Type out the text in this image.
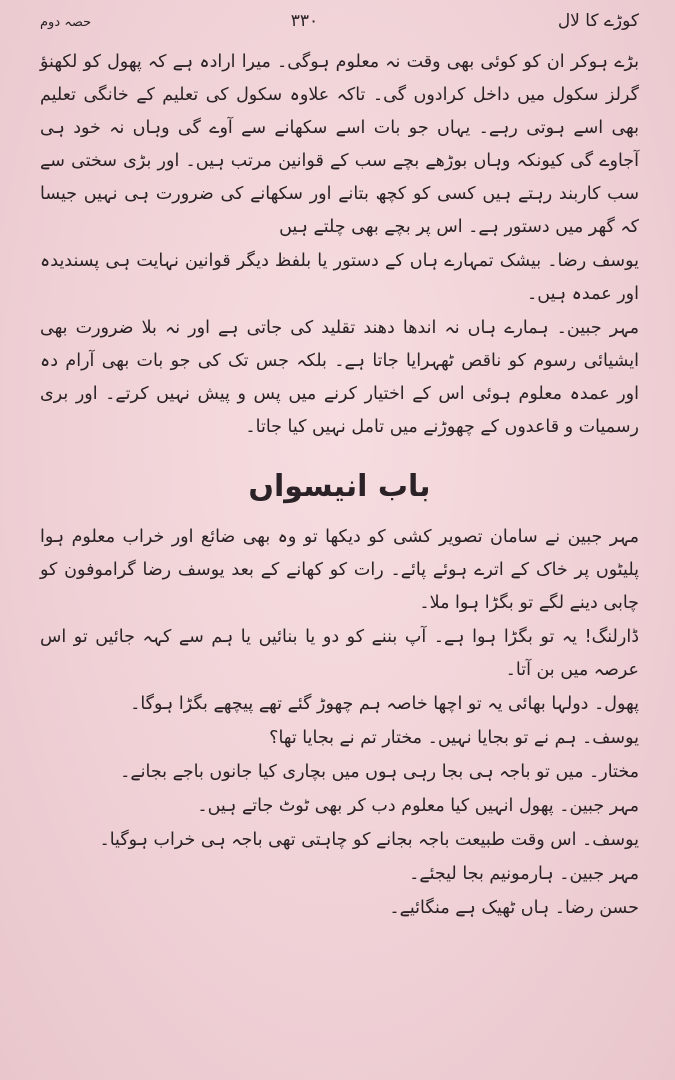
کوڑے کا لال
۳۳۰
حصہ دوم

بڑے ہوکر ان کو کوئی بھی وقت نہ معلوم ہوگی۔ میرا ارادہ ہے کہ پھول کو لکھنؤ گرلز سکول میں داخل کرادوں گی۔ تاکہ علاوہ سکول کی تعلیم کے خانگی تعلیم بھی اسے ہوتی رہے۔ یہاں جو بات اسے سکھانے سے آوے گی وہاں نہ خود ہی آجاوے گی کیونکہ وہاں بوڑھے بچے سب کے قوانین مرتب ہیں۔ اور بڑی سختی سے سب کاربند رہتے ہیں کسی کو کچھ بتانے اور سکھانے کی ضرورت ہی نہیں جیسا کہ گھر میں دستور ہے۔ اس پر بچے بھی چلتے ہیں

یوسف رضا۔ بیشک تمہارے ہاں کے دستور یا بلفظ دیگر قوانین نہایت ہی پسندیدہ اور عمدہ ہیں۔

مہر جبین۔ ہمارے ہاں نہ اندھا دھند تقلید کی جاتی ہے اور نہ بلا ضرورت بھی ایشیائی رسوم کو ناقص ٹھہرایا جاتا ہے۔ بلکہ جس تک کی جو بات بھی آرام دہ اور عمدہ معلوم ہوئی اس کے اختیار کرنے میں پس و پیش نہیں کرتے۔ اور بری رسمیات و قاعدوں کے چھوڑنے میں تامل نہیں کیا جاتا۔

باب انیسواں

مہر جبین نے سامان تصویر کشی کو دیکھا تو وہ بھی ضائع اور خراب معلوم ہوا پلیٹوں پر خاک کے اترے ہوئے پائے۔ رات کو کھانے کے بعد یوسف رضا گراموفون کو چابی دینے لگے تو بگڑا ہوا ملا۔

ڈارلنگ! یہ تو بگڑا ہوا ہے۔ آپ بننے کو دو یا بنائیں یا ہم سے کہہ جائیں تو اس عرصہ میں بن آتا۔

پھول۔ دولہا بھائی یہ تو اچھا خاصہ ہم چھوڑ گئے تھے پیچھے بگڑا ہوگا۔

یوسف۔ ہم نے تو بجایا نہیں۔ مختار تم نے بجایا تھا؟

مختار۔ میں تو باجہ ہی بجا رہی ہوں میں بچاری کیا جانوں باجے بجانے۔

مہر جبین۔ پھول انہیں کیا معلوم دب کر بھی ٹوٹ جاتے ہیں۔

یوسف۔ اس وقت طبیعت باجہ بجانے کو چاہتی تھی باجہ ہی خراب ہوگیا۔

مہر جبین۔ ہارمونیم بجا لیجئے۔

حسن رضا۔ ہاں ٹھیک ہے منگائیے۔
